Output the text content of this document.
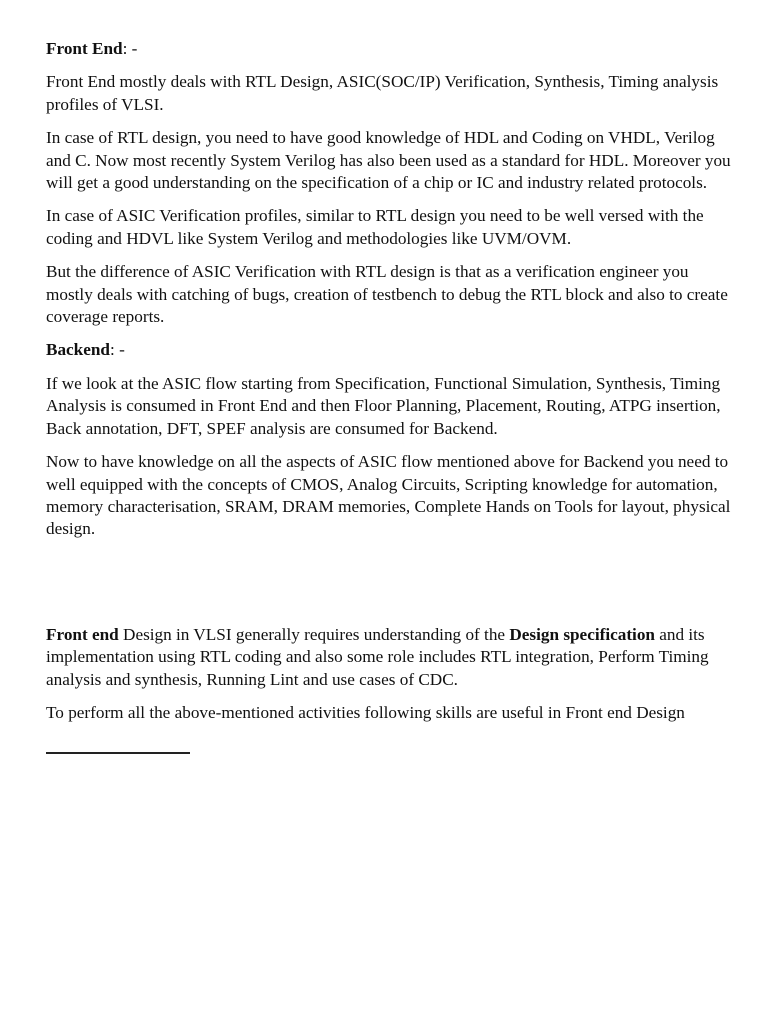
Front End: -

Front End mostly deals with RTL Design, ASIC(SOC/IP) Verification, Synthesis, Timing analysis profiles of VLSI.

In case of RTL design, you need to have good knowledge of HDL and Coding on VHDL, Verilog and C. Now most recently System Verilog has also been used as a standard for HDL. Moreover you will get a good understanding on the specification of a chip or IC and industry related protocols.

In case of ASIC Verification profiles, similar to RTL design you need to be well versed with the coding and HDVL like System Verilog and methodologies like UVM/OVM.

But the difference of ASIC Verification with RTL design is that as a verification engineer you mostly deals with catching of bugs, creation of testbench to debug the RTL block and also to create coverage reports.

Backend: -

If we look at the ASIC flow starting from Specification, Functional Simulation, Synthesis, Timing Analysis is consumed in Front End and then Floor Planning, Placement, Routing, ATPG insertion, Back annotation, DFT, SPEF analysis are consumed for Backend.

Now to have knowledge on all the aspects of ASIC flow mentioned above for Backend you need to well equipped with the concepts of CMOS, Analog Circuits, Scripting knowledge for automation, memory characterisation, SRAM, DRAM memories, Complete Hands on Tools for layout, physical design.

Front end Design in VLSI generally requires understanding of the Design specification and its implementation using RTL coding and also some role includes RTL integration, Perform Timing analysis and synthesis, Running Lint and use cases of CDC.

To perform all the above-mentioned activities following skills are useful in Front end Design
